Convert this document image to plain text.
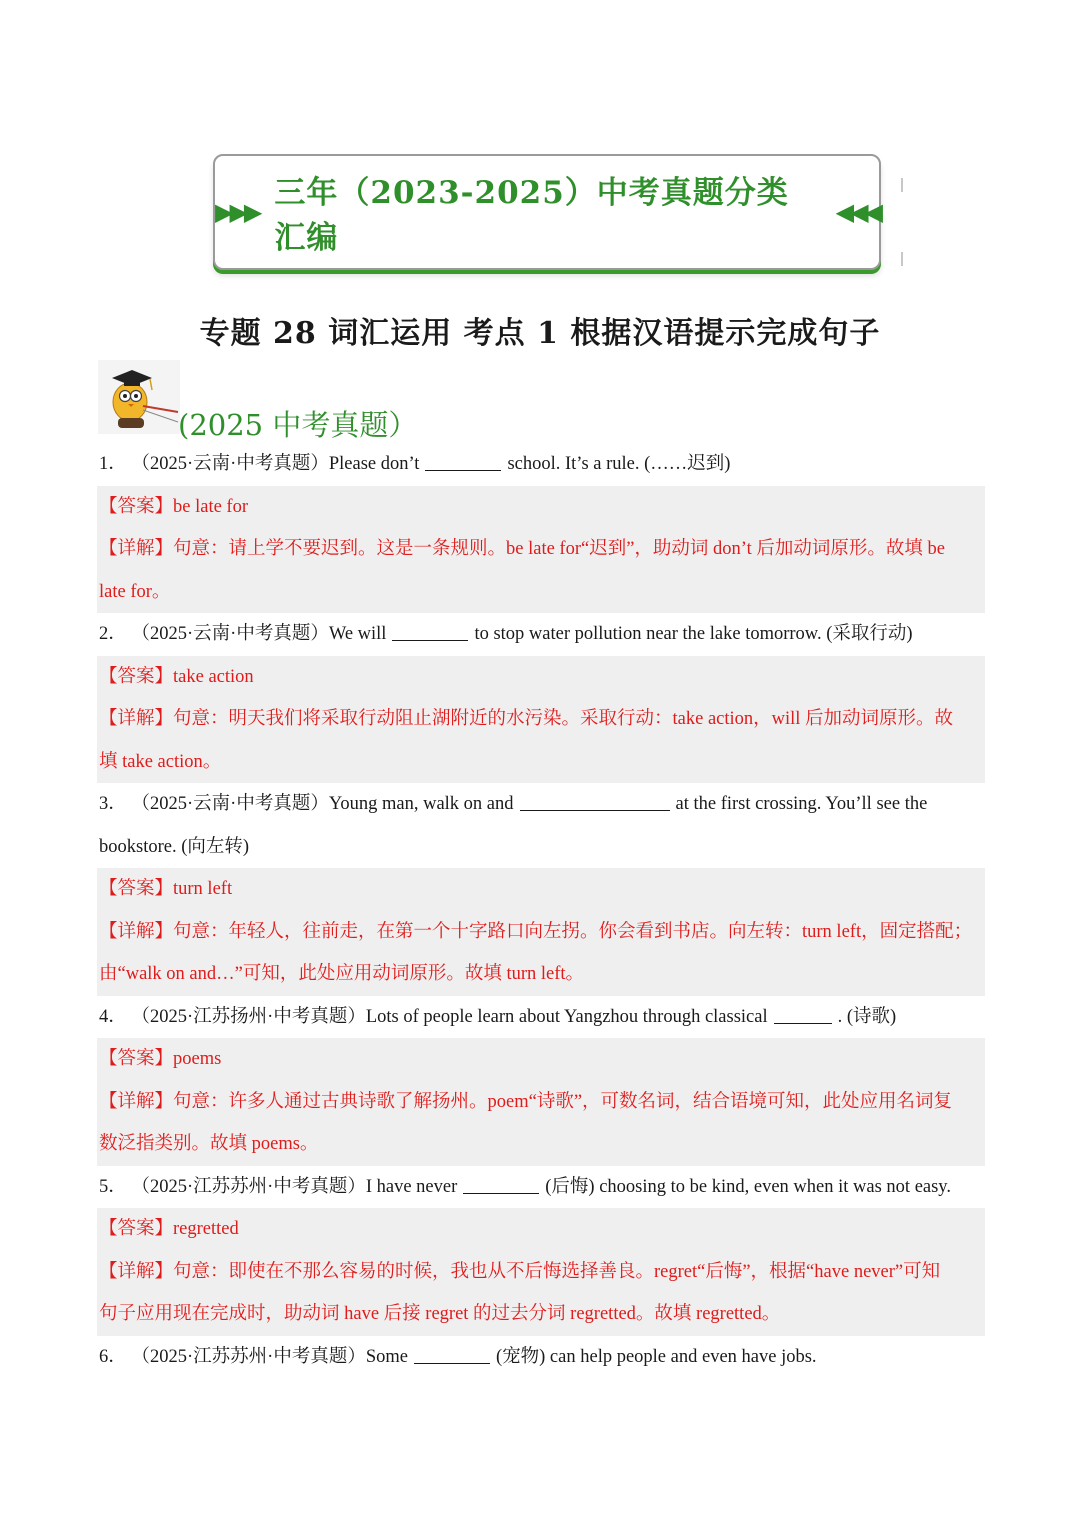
▶▶▶
三年（2023-2025）中考真题分类汇编
◀◀◀
专题 28 词汇运用 考点 1 根据汉语提示完成句子
(2025 中考真题）
1． （2025·云南·中考真题）Please don’t	school. It’s a rule. (……迟到)
【答案】be late for
【详解】句意：请上学不要迟到。这是一条规则。be late for“迟到”，助动词 don’t 后加动词原形。故填 be
late for。
2． （2025·云南·中考真题）We will	to stop water pollution near the lake tomorrow. (采取行动)
【答案】take action
【详解】句意：明天我们将采取行动阻止湖附近的水污染。采取行动：take action，will 后加动词原形。故
填 take action。
3． （2025·云南·中考真题）Young man, walk on and	at the first crossing. You’ll see the
bookstore. (向左转)
【答案】turn left
【详解】句意：年轻人，往前走，在第一个十字路口向左拐。你会看到书店。向左转：turn left，固定搭配；
由“walk on and…”可知，此处应用动词原形。故填 turn left。
4． （2025·江苏扬州·中考真题）Lots of people learn about Yangzhou through classical	. (诗歌)
【答案】poems
【详解】句意：许多人通过古典诗歌了解扬州。poem“诗歌”，可数名词，结合语境可知，此处应用名词复
数泛指类别。故填 poems。
5． （2025·江苏苏州·中考真题）I have never	(后悔) choosing to be kind, even when it was not easy.
【答案】regretted
【详解】句意：即使在不那么容易的时候，我也从不后悔选择善良。regret“后悔”，根据“have never”可知
句子应用现在完成时，助动词 have 后接 regret 的过去分词 regretted。故填 regretted。
6． （2025·江苏苏州·中考真题）Some	(宠物) can help people and even have jobs.
